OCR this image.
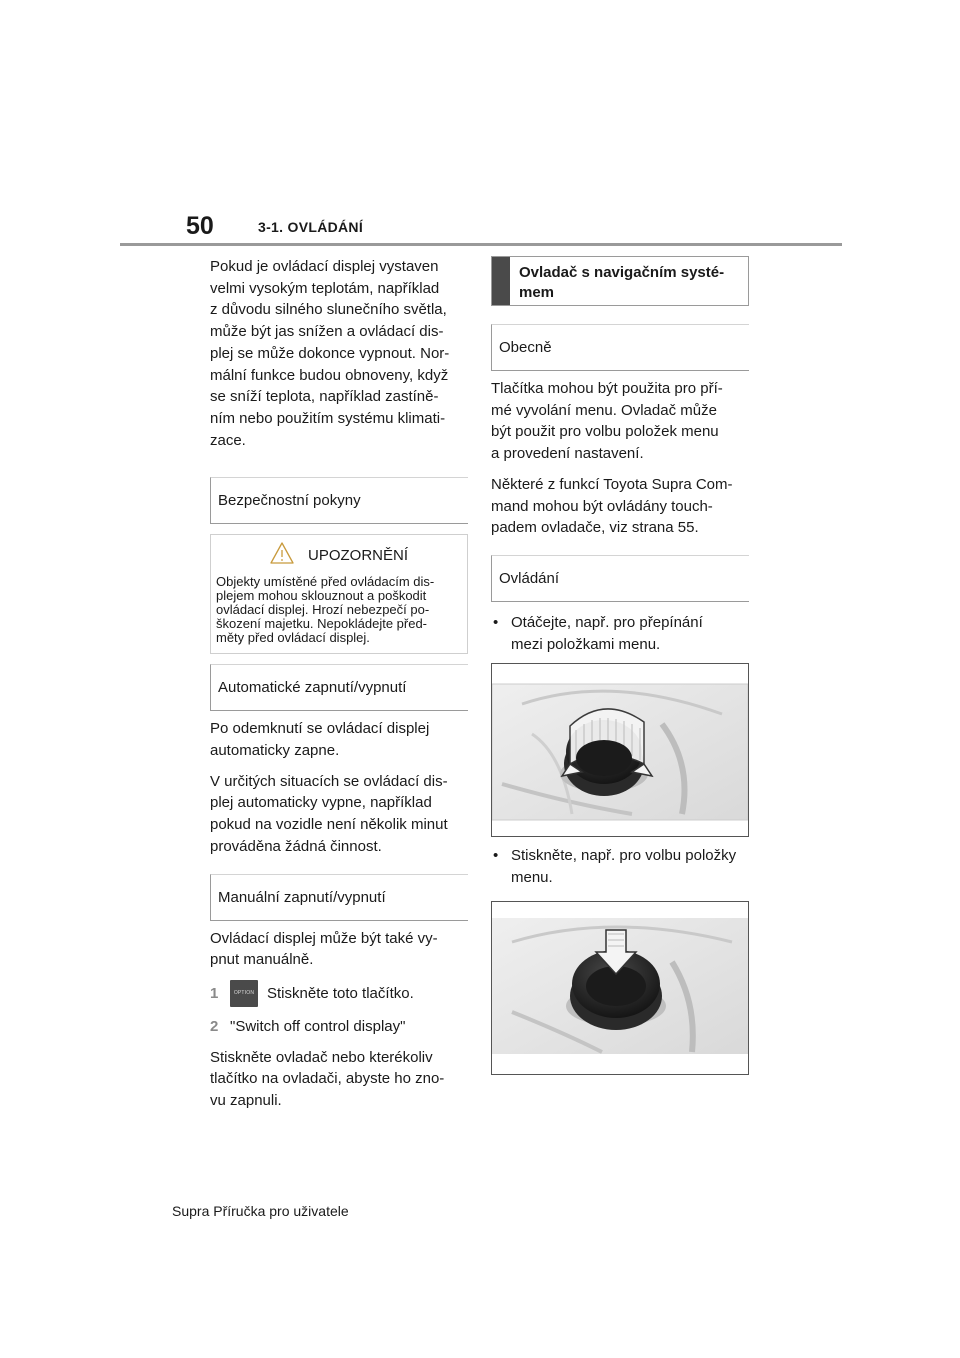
50	3-1. OVLÁDÁNÍ

Pokud je ovládací displej vystaven

velmi vysokým teplotám, například

z důvodu silného slunečního světla,

může být jas snížen a ovládací dis-

plej se může dokonce vypnout. Nor-

mální funkce budou obnoveny, když

se sníží teplota, například zastíně-

ním nebo použitím systému klimati-

zace.

Bezpečnostní pokyny
UPOZORNĚNÍ
Objekty umístěné před ovládacím dis-
plejem mohou sklouznout a poškodit
ovládací displej. Hrozí nebezpečí po-
škození majetku. Nepokládejte před-
měty před ovládací displej.
Automatické zapnutí/vypnutí

Po odemknutí se ovládací displej

automaticky zapne.

V určitých situacích se ovládací dis-

plej automaticky vypne, například

pokud na vozidle není několik minut

prováděna žádná činnost.

Manuální zapnutí/vypnutí

Ovládací displej může být také vy-

pnut manuálně.

1	OPTION Stiskněte toto tlačítko.
2 "Switch off control display"

Stiskněte ovladač nebo kterékoliv

tlačítko na ovladači, abyste ho zno-

vu zapnuli.

Ovladač s navigačním systé-
mem
Obecně

Tlačítka mohou být použita pro pří-

mé vyvolání menu. Ovladač může

být použit pro volbu položek menu

a provedení nastavení.

Některé z funkcí Toyota Supra Com-

mand mohou být ovládány touch-

padem ovladače, viz strana 55.

Ovládání
• Otáčejte, např. pro přepínání
mezi položkami menu.
• Stiskněte, např. pro volbu položky
menu.
Supra Příručka pro uživatele
